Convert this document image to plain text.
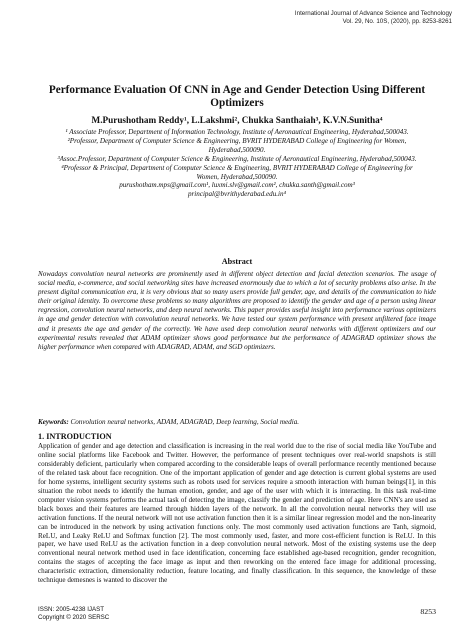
International Journal of Advance Science and Technology
Vol. 29, No. 10S, (2020), pp. 8253-8261
Performance Evaluation Of CNN in Age and Gender Detection Using Different Optimizers
M.Purushotham Reddy¹, L.Lakshmi², Chukka Santhaiah³, K.V.N.Sunitha⁴

¹ Associate Professor, Department of Information Technology, Institute of Aeronautical Engineering, Hyderabad,500043.

²Professor, Department of Computer Science & Engineering, BVRIT HYDERABAD College of Engineering for Women, Hyderabad,500090.

³Assoc.Professor, Department of Computer Science & Engineering, Institute of Aeronautical Engineering, Hyderabad,500043.

⁴Professor & Principal, Department of Computer Science & Engineering, BVRIT HYDERABAD College of Engineering for Women, Hyderabad,500090.

purushotham.mps@gmail.com¹, luxmi.slv@gmail.com², chukka.santh@gmail.com³

principal@bvrithyderabad.edu.in⁴

Abstract

Nowadays convolution neural networks are prominently used in different object detection and facial detection scenarios. The usage of social media, e-commerce, and social networking sites have increased enormously due to which a lot of security problems also arise. In the present digital communication era, it is very obvious that so many users provide full gender, age, and details of the communication to hide their original identity. To overcome these problems so many algorithms are proposed to identify the gender and age of a person using linear regression, convolution neural networks, and deep neural networks. This paper provides useful insight into performance various optimizers in age and gender detection with convolution neural networks. We have tested our system performance with present unfiltered face image and it presents the age and gender of the correctly. We have used deep convolution neural networks with different optimizers and our experimental results revealed that ADAM optimizer shows good performance but the performance of ADAGRAD optimizer shows the higher performance when compared with ADAGRAD, ADAM, and SGD optimizers.

Keywords: Convolution neural networks, ADAM, ADAGRAD, Deep learning, Social media.

1. INTRODUCTION

Application of gender and age detection and classification is increasing in the real world due to the rise of social media like YouTube and online social platforms like Facebook and Twitter. However, the performance of present techniques over real-world snapshots is still considerably deficient, particularly when compared according to the considerable leaps of overall performance recently mentioned because of the related task about face recognition. One of the important application of gender and age detection is current global systems are used for home systems, intelligent security systems such as robots used for services require a smooth interaction with human beings[1], in this situation the robot needs to identify the human emotion, gender, and age of the user with which it is interacting. In this task real-time computer vision systems performs the actual task of detecting the image, classify the gender and prediction of age. Here CNN's are used as black boxes and their features are learned through hidden layers of the network. In all the convolution neural networks they will use activation functions. If the neural network will not use activation function then it is a similar linear regression model and the non-linearity can be introduced in the network by using activation functions only. The most commonly used activation functions are Tanh, sigmoid, ReLU, and Leaky ReLU and Softmax function [2]. The most commonly used, faster, and more cost-efficient function is ReLU. In this paper, we have used ReLU as the activation function in a deep convolution neural network. Most of the existing systems use the deep conventional neural network method used in face identification, concerning face established age-based recognition, gender recognition, contains the stages of accepting the face image as input and then reworking on the entered face image for additional processing, characteristic extraction, dimensionality reduction, feature locating, and finally classification. In this sequence, the knowledge of these technique demesnes is wanted to discover the

ISSN: 2005-4238 IJAST
Copyright © 2020 SERSC
8253
